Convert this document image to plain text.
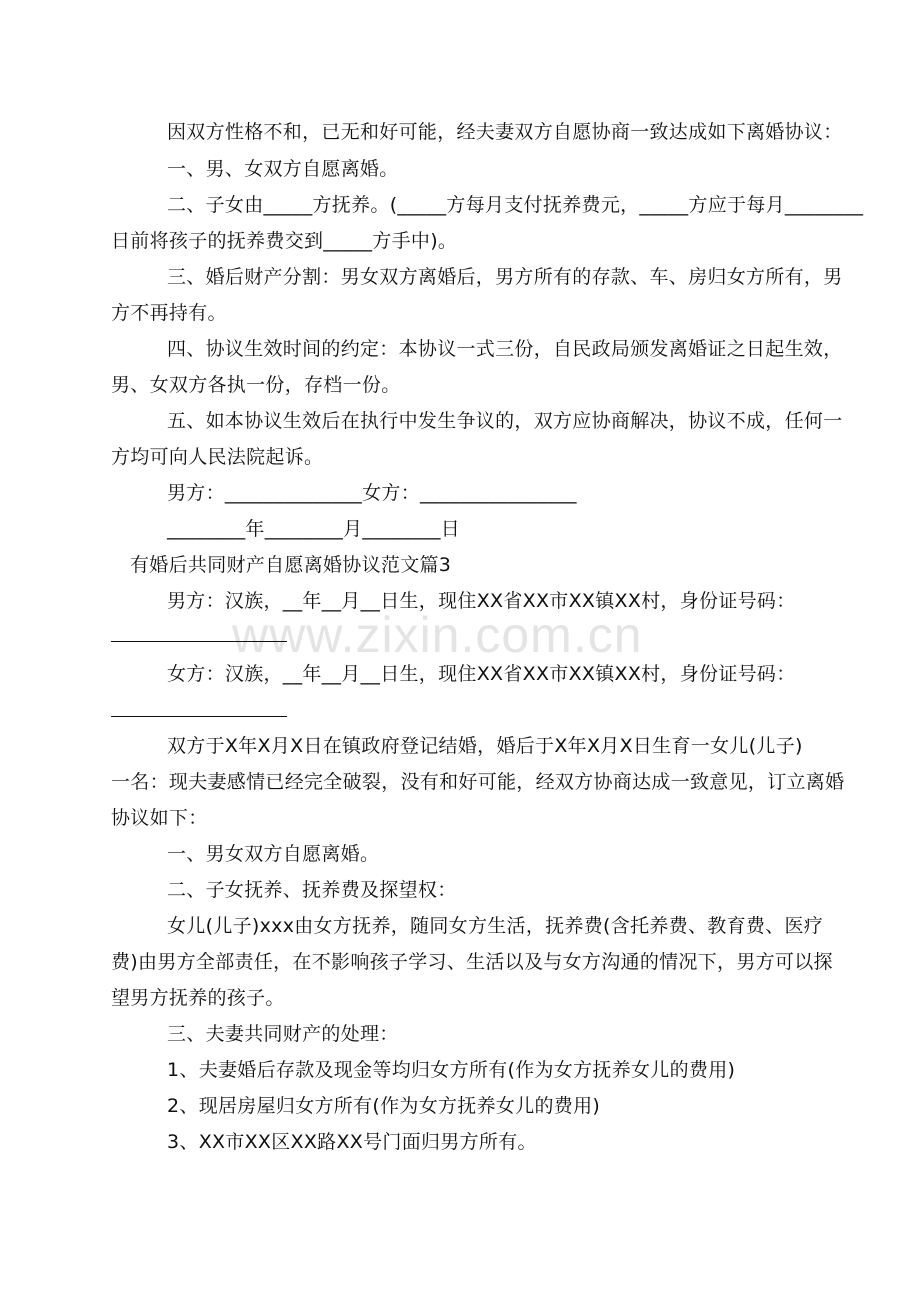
www.zixin.com.cn
因双方性格不和，已无和好可能，经夫妻双方自愿协商一致达成如下离婚协议：
一、男、女双方自愿离婚。
二、子女由_____方抚养。(_____方每月支付抚养费元，_____方应于每月________
日前将孩子的抚养费交到_____方手中)。
三、婚后财产分割：男女双方离婚后，男方所有的存款、车、房归女方所有，男
方不再持有。
四、协议生效时间的约定：本协议一式三份，自民政局颁发离婚证之日起生效，
男、女双方各执一份，存档一份。
五、如本协议生效后在执行中发生争议的，双方应协商解决，协议不成，任何一
方均可向人民法院起诉。
男方：______________女方：________________
________年________月________日
有婚后共同财产自愿离婚协议范文篇3
男方：汉族，__年__月__日生，现住XX省XX市XX镇XX村，身份证号码：
女方：汉族，__年__月__日生，现住XX省XX市XX镇XX村，身份证号码：
双方于X年X月X日在镇政府登记结婚，婚后于X年X月X日生育一女儿(儿子)
一名：现夫妻感情已经完全破裂，没有和好可能，经双方协商达成一致意见，订立离婚
协议如下：
一、男女双方自愿离婚。
二、子女抚养、抚养费及探望权：
女儿(儿子)xxx由女方抚养，随同女方生活，抚养费(含托养费、教育费、医疗
费)由男方全部责任，在不影响孩子学习、生活以及与女方沟通的情况下，男方可以探
望男方抚养的孩子。
三、夫妻共同财产的处理：
1、夫妻婚后存款及现金等均归女方所有(作为女方抚养女儿的费用)
2、现居房屋归女方所有(作为女方抚养女儿的费用)
3、XX市XX区XX路XX号门面归男方所有。
